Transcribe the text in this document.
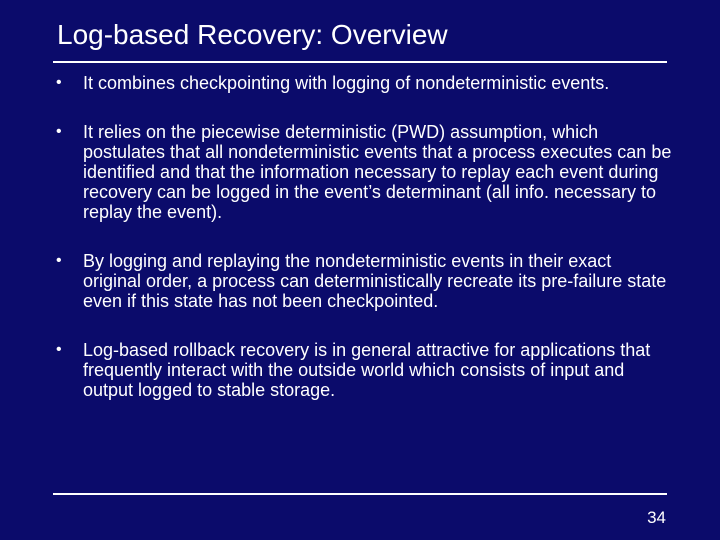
Log-based Recovery: Overview
• It combines checkpointing with logging of nondeterministic events.
• It relies on the piecewise deterministic (PWD) assumption, which postulates that all nondeterministic events that a process executes can be identified and that the information necessary to replay each event during recovery can be logged in the event’s determinant (all info. necessary to replay the event).
• By logging and replaying the nondeterministic events in their exact original order, a process can deterministically recreate its pre-failure state even if this state has not been checkpointed.
• Log-based rollback recovery is in general attractive for applications that frequently interact with the outside world which consists of input and output logged to stable storage.
34
